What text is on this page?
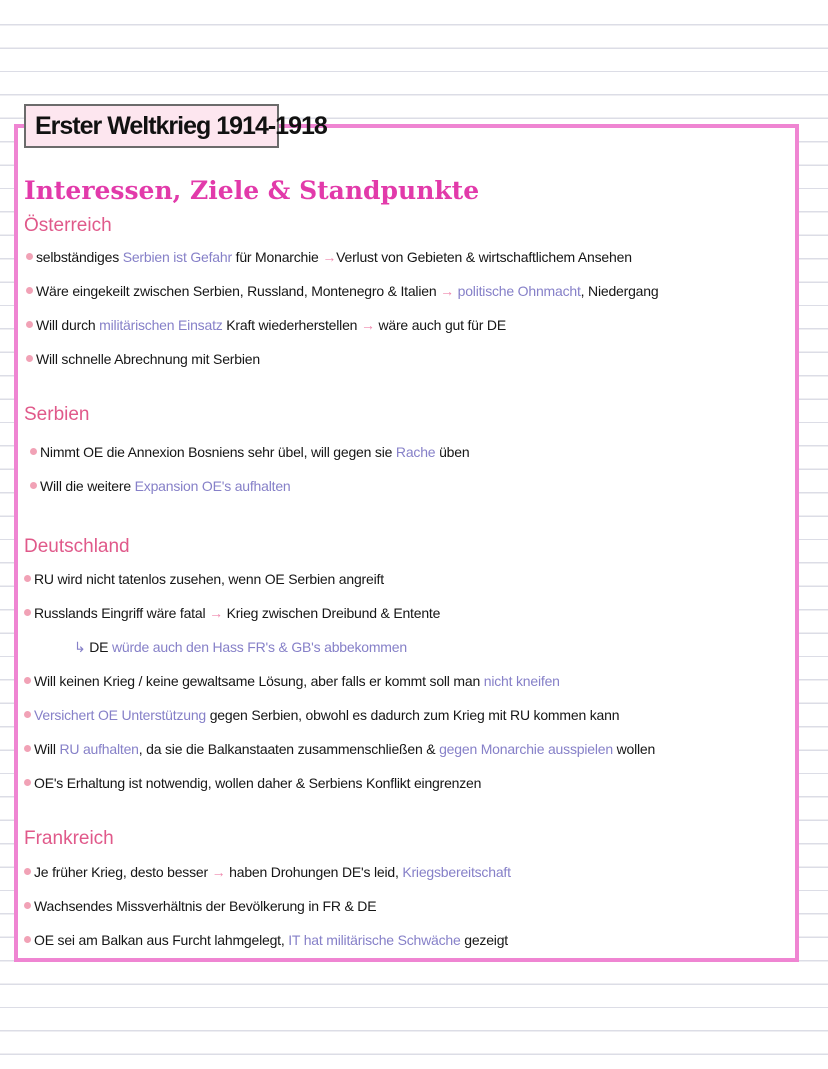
Erster Weltkrieg 1914-1918
Interessen, Ziele & Standpunkte
Österreich
selbständiges Serbien ist Gefahr für Monarchie →Verlust von Gebieten & wirtschaftlichem Ansehen
Wäre eingekeilt zwischen Serbien, Russland, Montenegro & Italien → politische Ohnmacht, Niedergang
Will durch militärischen Einsatz Kraft wiederherstellen → wäre auch gut für DE
Will schnelle Abrechnung mit Serbien
Serbien
Nimmt OE die Annexion Bosniens sehr übel, will gegen sie Rache üben
Will die weitere Expansion OE's aufhalten
Deutschland
RU wird nicht tatenlos zusehen, wenn OE Serbien angreift
Russlands Eingriff wäre fatal → Krieg zwischen Dreibund & Entente
↳ DE würde auch den Hass FR's & GB's abbekommen
Will keinen Krieg / keine gewaltsame Lösung, aber falls er kommt soll man nicht kneifen
Versichert OE Unterstützung gegen Serbien, obwohl es dadurch zum Krieg mit RU kommen kann
Will RU aufhalten, da sie die Balkanstaaten zusammenschließen & gegen Monarchie ausspielen wollen
OE's Erhaltung ist notwendig, wollen daher & Serbiens Konflikt eingrenzen
Frankreich
Je früher Krieg, desto besser → haben Drohungen DE's leid, Kriegsbereitschaft
Wachsendes Missverhältnis der Bevölkerung in FR & DE
OE sei am Balkan aus Furcht lahmgelegt, IT hat militärische Schwäche gezeigt
